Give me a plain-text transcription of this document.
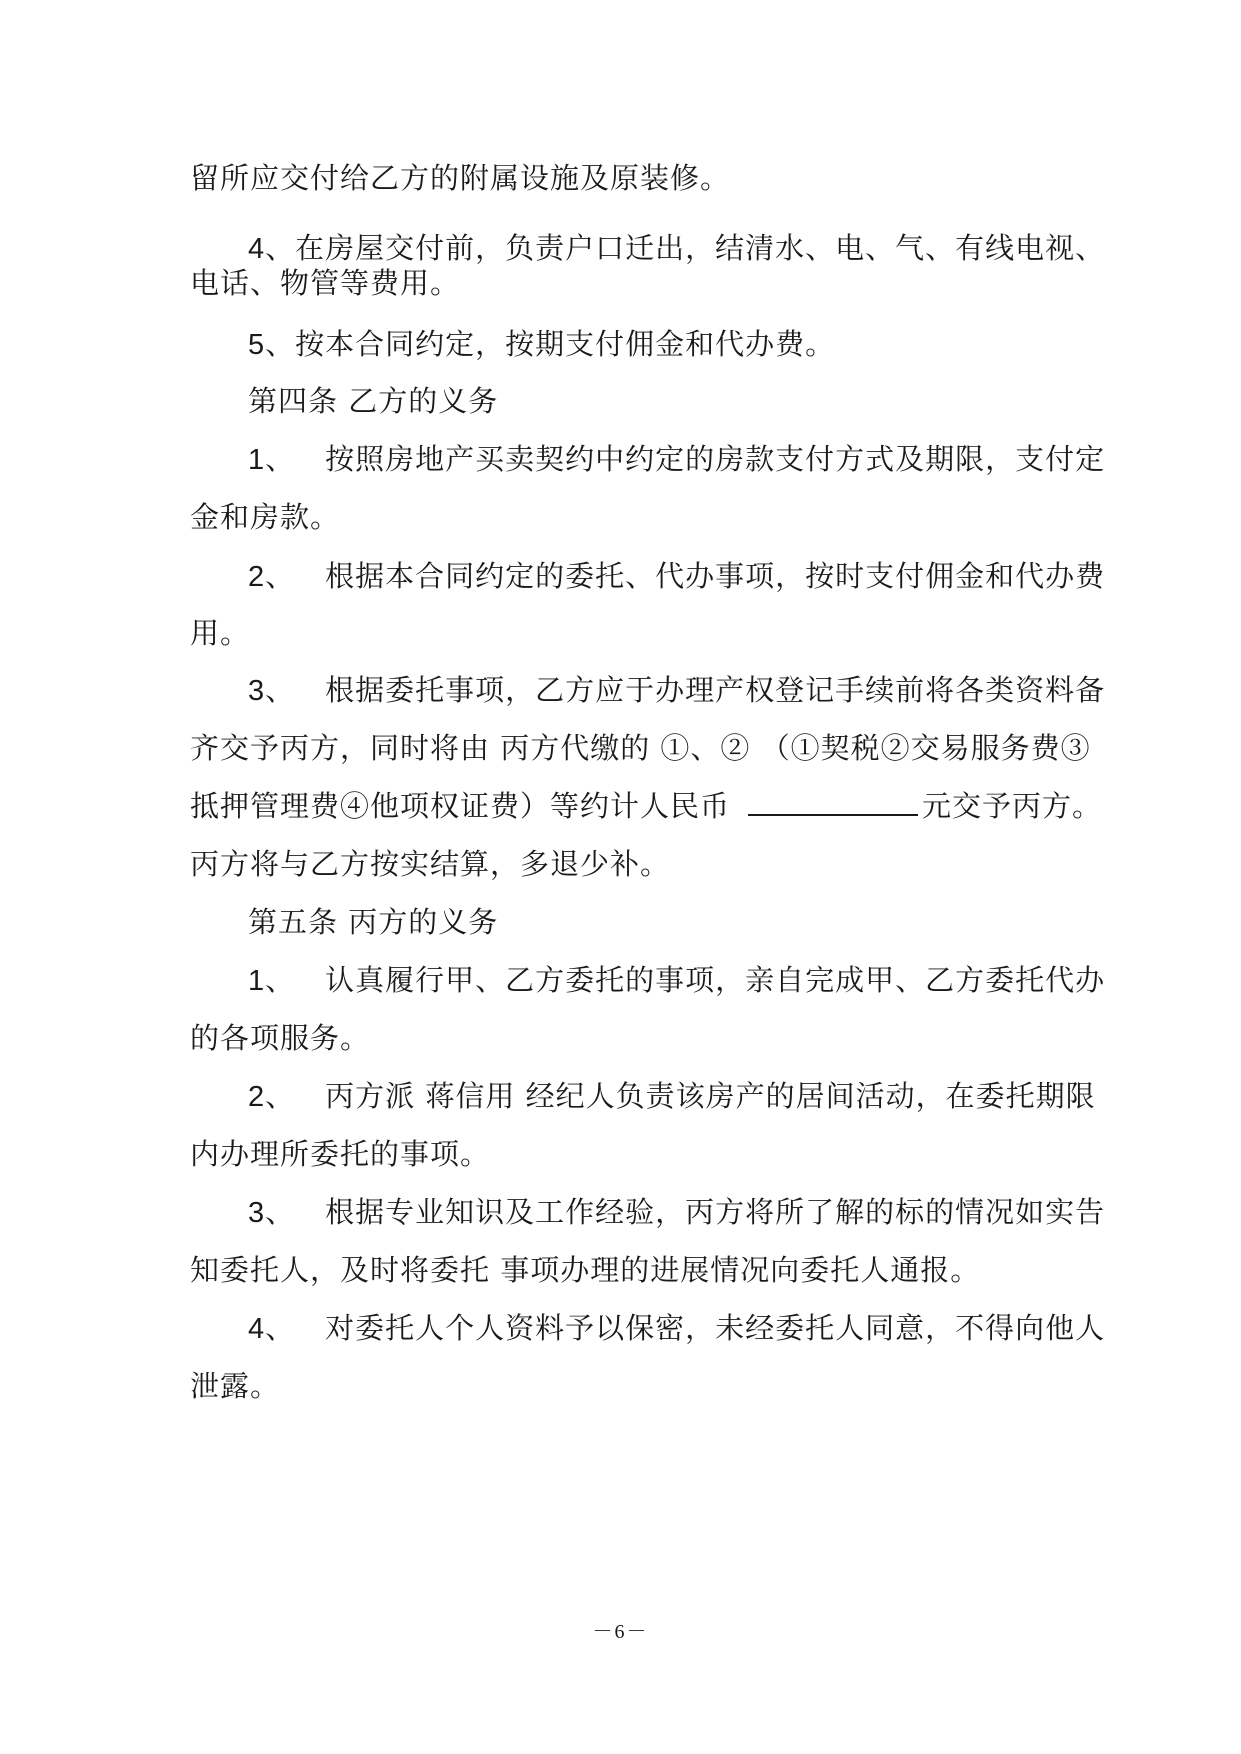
留所应交付给乙方的附属设施及原装修。
4、在房屋交付前，负责户口迁出，结清水、电、气、有线电视、
电话、物管等费用。
5、按本合同约定，按期支付佣金和代办费。
第四条 乙方的义务
1、 按照房地产买卖契约中约定的房款支付方式及期限，支付定
金和房款。
2、 根据本合同约定的委托、代办事项，按时支付佣金和代办费
用。
3、 根据委托事项，乙方应于办理产权登记手续前将各类资料备
齐交予丙方，同时将由 丙方代缴的 ①、② （①契税②交易服务费③
抵押管理费④他项权证费）等约计人民币	元交予丙方。
丙方将与乙方按实结算，多退少补。
第五条 丙方的义务
1、 认真履行甲、乙方委托的事项，亲自完成甲、乙方委托代办
的各项服务。
2、 丙方派 蒋信用 经纪人负责该房产的居间活动，在委托期限
内办理所委托的事项。
3、 根据专业知识及工作经验，丙方将所了解的标的情况如实告
知委托人，及时将委托 事项办理的进展情况向委托人通报。
4、 对委托人个人资料予以保密，未经委托人同意，不得向他人
泄露。
－6－
